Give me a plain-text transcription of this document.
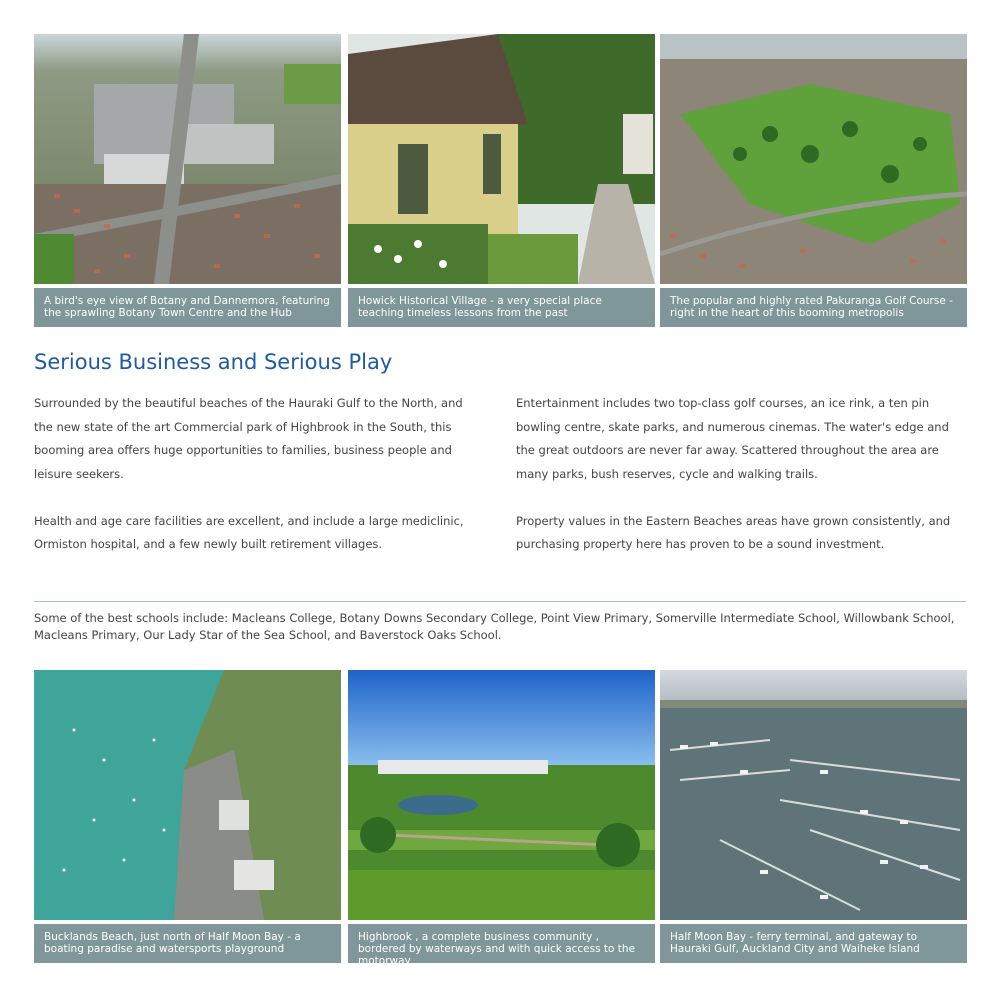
A bird's eye view of Botany and Dannemora, featuring the sprawling Botany Town Centre and the Hub
Howick Historical Village - a very special place teaching timeless lessons from the past
The popular and highly rated Pakuranga Golf Course - right in the heart of this booming metropolis
Serious Business and Serious Play

Surrounded by the beautiful beaches of the Hauraki Gulf to the North, and the new state of the art Commercial park of Highbrook in the South, this booming area offers huge opportunities to families, business people and leisure seekers.

Health and age care facilities are excellent, and include a large mediclinic, Ormiston hospital, and a few newly built retirement villages.

Entertainment includes two top-class golf courses, an ice rink, a ten pin bowling centre, skate parks, and numerous cinemas. The water's edge and the great outdoors are never far away. Scattered throughout the area are many parks, bush reserves, cycle and walking trails.

Property values in the Eastern Beaches areas have grown consistently, and purchasing property here has proven to be a sound investment.

Some of the best schools include: Macleans College, Botany Downs Secondary College, Point View Primary, Somerville Intermediate School, Willowbank School, Macleans Primary, Our Lady Star of the Sea School, and Baverstock Oaks School.

Bucklands Beach, just north of Half Moon Bay - a boating paradise and watersports playground
Highbrook , a complete business community , bordered by waterways and with quick access to the motorway
Half Moon Bay - ferry terminal, and gateway to Hauraki Gulf, Auckland City and Waiheke Island
